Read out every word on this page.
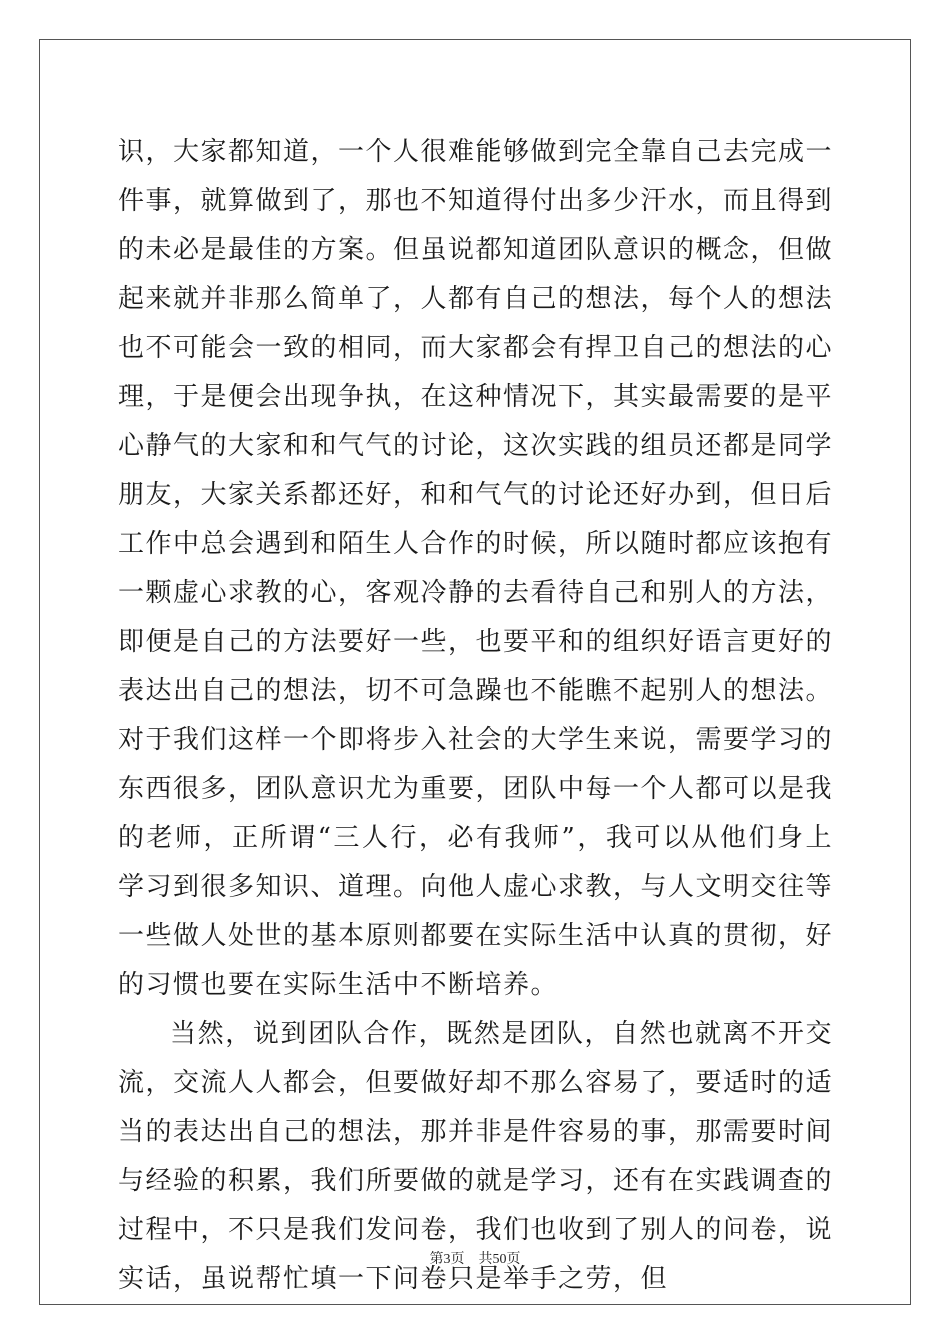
识，大家都知道，一个人很难能够做到完全靠自己去完成一件事，就算做到了，那也不知道得付出多少汗水，而且得到的未必是最佳的方案。但虽说都知道团队意识的概念，但做起来就并非那么简单了，人都有自己的想法，每个人的想法也不可能会一致的相同，而大家都会有捍卫自己的想法的心理，于是便会出现争执，在这种情况下，其实最需要的是平心静气的大家和和气气的讨论，这次实践的组员还都是同学朋友，大家关系都还好，和和气气的讨论还好办到，但日后工作中总会遇到和陌生人合作的时候，所以随时都应该抱有一颗虚心求教的心，客观冷静的去看待自己和别人的方法，即便是自己的方法要好一些，也要平和的组织好语言更好的表达出自己的想法，切不可急躁也不能瞧不起别人的想法。对于我们这样一个即将步入社会的大学生来说，需要学习的东西很多，团队意识尤为重要，团队中每一个人都可以是我的老师，正所谓“三人行，必有我师”，我可以从他们身上学习到很多知识、道理。向他人虚心求教，与人文明交往等一些做人处世的基本原则都要在实际生活中认真的贯彻，好的习惯也要在实际生活中不断培养。

当然，说到团队合作，既然是团队，自然也就离不开交流，交流人人都会，但要做好却不那么容易了，要适时的适当的表达出自己的想法，那并非是件容易的事，那需要时间与经验的积累，我们所要做的就是学习，还有在实践调查的过程中，不只是我们发问卷，我们也收到了别人的问卷，说实话，虽说帮忙填一下问卷只是举手之劳，但

第3页 共50页
